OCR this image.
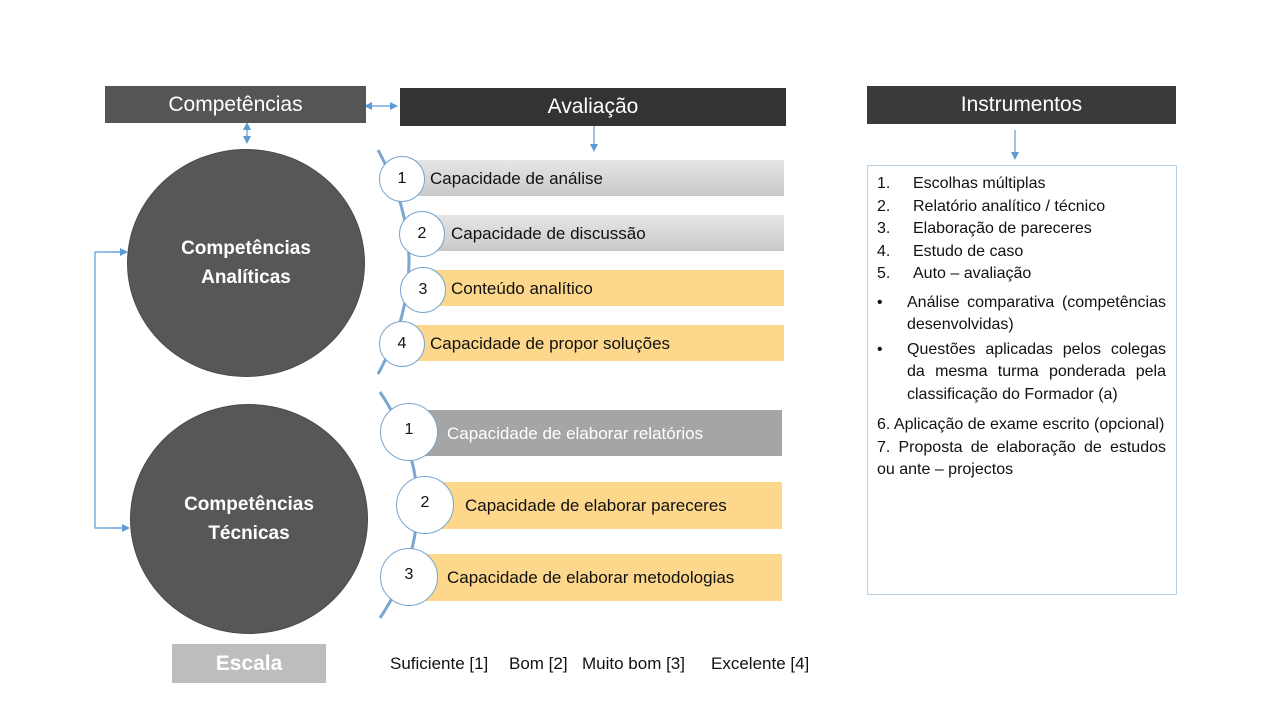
Competências	Avaliação	Instrumentos
Competências
Analíticas
Competências
Técnicas
Capacidade de análise
Capacidade de discussão
Conteúdo analítico
Capacidade de propor soluções
1
2
3
4
Capacidade de elaborar relatórios
Capacidade de elaborar pareceres
Capacidade de elaborar metodologias
1
2
3
1.	Escolhas múltiplas
2.	Relatório analítico / técnico
3.	Elaboração de pareceres
4.	Estudo de caso
5.	Auto – avaliação
•	Análise comparativa (competências desenvolvidas)
•	Questões aplicadas pelos colegas da mesma turma ponderada pela classificação do Formador (a)

6. Aplicação de exame escrito (opcional)

7. Proposta de elaboração de estudos ou ante – projectos

Escala	Suficiente [1] Bom [2] Muito bom [3] Excelente [4]
